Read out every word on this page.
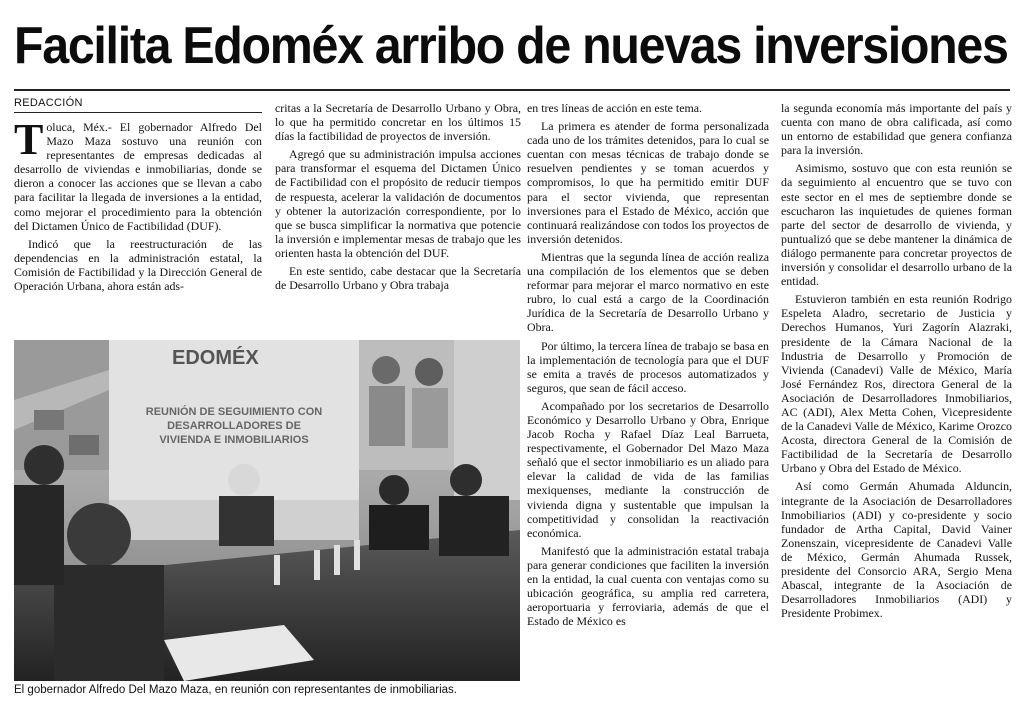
Facilita Edoméx arribo de nuevas inversiones
REDACCIÓN

Toluca, Méx.- El gobernador Alfredo Del Mazo Maza sostuvo una reunión con representantes de empresas dedicadas al desarrollo de viviendas e inmobiliarias, donde se dieron a conocer las acciones que se llevan a cabo para facilitar la llegada de inversiones a la entidad, como mejorar el procedimiento para la obtención del Dictamen Único de Factibilidad (DUF).

Indicó que la reestructuración de las dependencias en la administración estatal, la Comisión de Factibilidad y la Dirección General de Operación Urbana, ahora están ads-

critas a la Secretaría de Desarrollo Urbano y Obra, lo que ha permitido concretar en los últimos 15 días la factibilidad de proyectos de inversión.

Agregó que su administración impulsa acciones para transformar el esquema del Dictamen Único de Factibilidad con el propósito de reducir tiempos de respuesta, acelerar la validación de documentos y obtener la autorización correspondiente, por lo que se busca simplificar la normativa que potencie la inversión e implementar mesas de trabajo que les orienten hasta la obtención del DUF.

En este sentido, cabe destacar que la Secretaría de Desarrollo Urbano y Obra trabaja

en tres líneas de acción en este tema.

La primera es atender de forma personalizada cada uno de los trámites detenidos, para lo cual se cuentan con mesas técnicas de trabajo donde se resuelven pendientes y se toman acuerdos y compromisos, lo que ha permitido emitir DUF para el sector vivienda, que representan inversiones para el Estado de México, acción que continuará realizándose con todos los proyectos de inversión detenidos.

Mientras que la segunda línea de acción realiza una compilación de los elementos que se deben reformar para mejorar el marco normativo en este rubro, lo cual está a cargo de la Coordinación Jurídica de la Secretaría de Desarrollo Urbano y Obra.

Por último, la tercera línea de trabajo se basa en la implementación de tecnología para que el DUF se emita a través de procesos automatizados y seguros, que sean de fácil acceso.

Acompañado por los secretarios de Desarrollo Económico y Desarrollo Urbano y Obra, Enrique Jacob Rocha y Rafael Díaz Leal Barrueta, respectivamente, el Gobernador Del Mazo Maza señaló que el sector inmobiliario es un aliado para elevar la calidad de vida de las familias mexiquenses, mediante la construcción de vivienda digna y sustentable que impulsan la competitividad y consolidan la reactivación económica.

Manifestó que la administración estatal trabaja para generar condiciones que faciliten la inversión en la entidad, la cual cuenta con ventajas como su ubicación geográfica, su amplia red carretera, aeroportuaria y ferroviaria, además de que el Estado de México es

la segunda economía más importante del país y cuenta con mano de obra calificada, así como un entorno de estabilidad que genera confianza para la inversión.

Asimismo, sostuvo que con esta reunión se da seguimiento al encuentro que se tuvo con este sector en el mes de septiembre donde se escucharon las inquietudes de quienes forman parte del sector de desarrollo de vivienda, y puntualizó que se debe mantener la dinámica de diálogo permanente para concretar proyectos de inversión y consolidar el desarrollo urbano de la entidad.

Estuvieron también en esta reunión Rodrigo Espeleta Aladro, secretario de Justicia y Derechos Humanos, Yuri Zagorín Alazraki, presidente de la Cámara Nacional de la Industria de Desarrollo y Promoción de Vivienda (Canadevi) Valle de México, María José Fernández Ros, directora General de la Asociación de Desarrolladores Inmobiliarios, AC (ADI), Alex Metta Cohen, Vicepresidente de la Canadevi Valle de México, Karime Orozco Acosta, directora General de la Comisión de Factibilidad de la Secretaría de Desarrollo Urbano y Obra del Estado de México.

Así como Germán Ahumada Alduncin, integrante de la Asociación de Desarrolladores Inmobiliarios (ADI) y co-presidente y socio fundador de Artha Capital, David Vainer Zonenszain, vicepresidente de Canadevi Valle de México, Germán Ahumada Russek, presidente del Consorcio ARA, Sergio Mena Abascal, integrante de la Asociación de Desarrolladores Inmobiliarios (ADI) y Presidente Probimex.

EDOMÉX
REUNIÓN DE SEGUIMIENTO CON
DESARROLLADORES DE
VIVIENDA E INMOBILIARIOS
El gobernador Alfredo Del Mazo Maza, en reunión con representantes de inmobiliarias.
